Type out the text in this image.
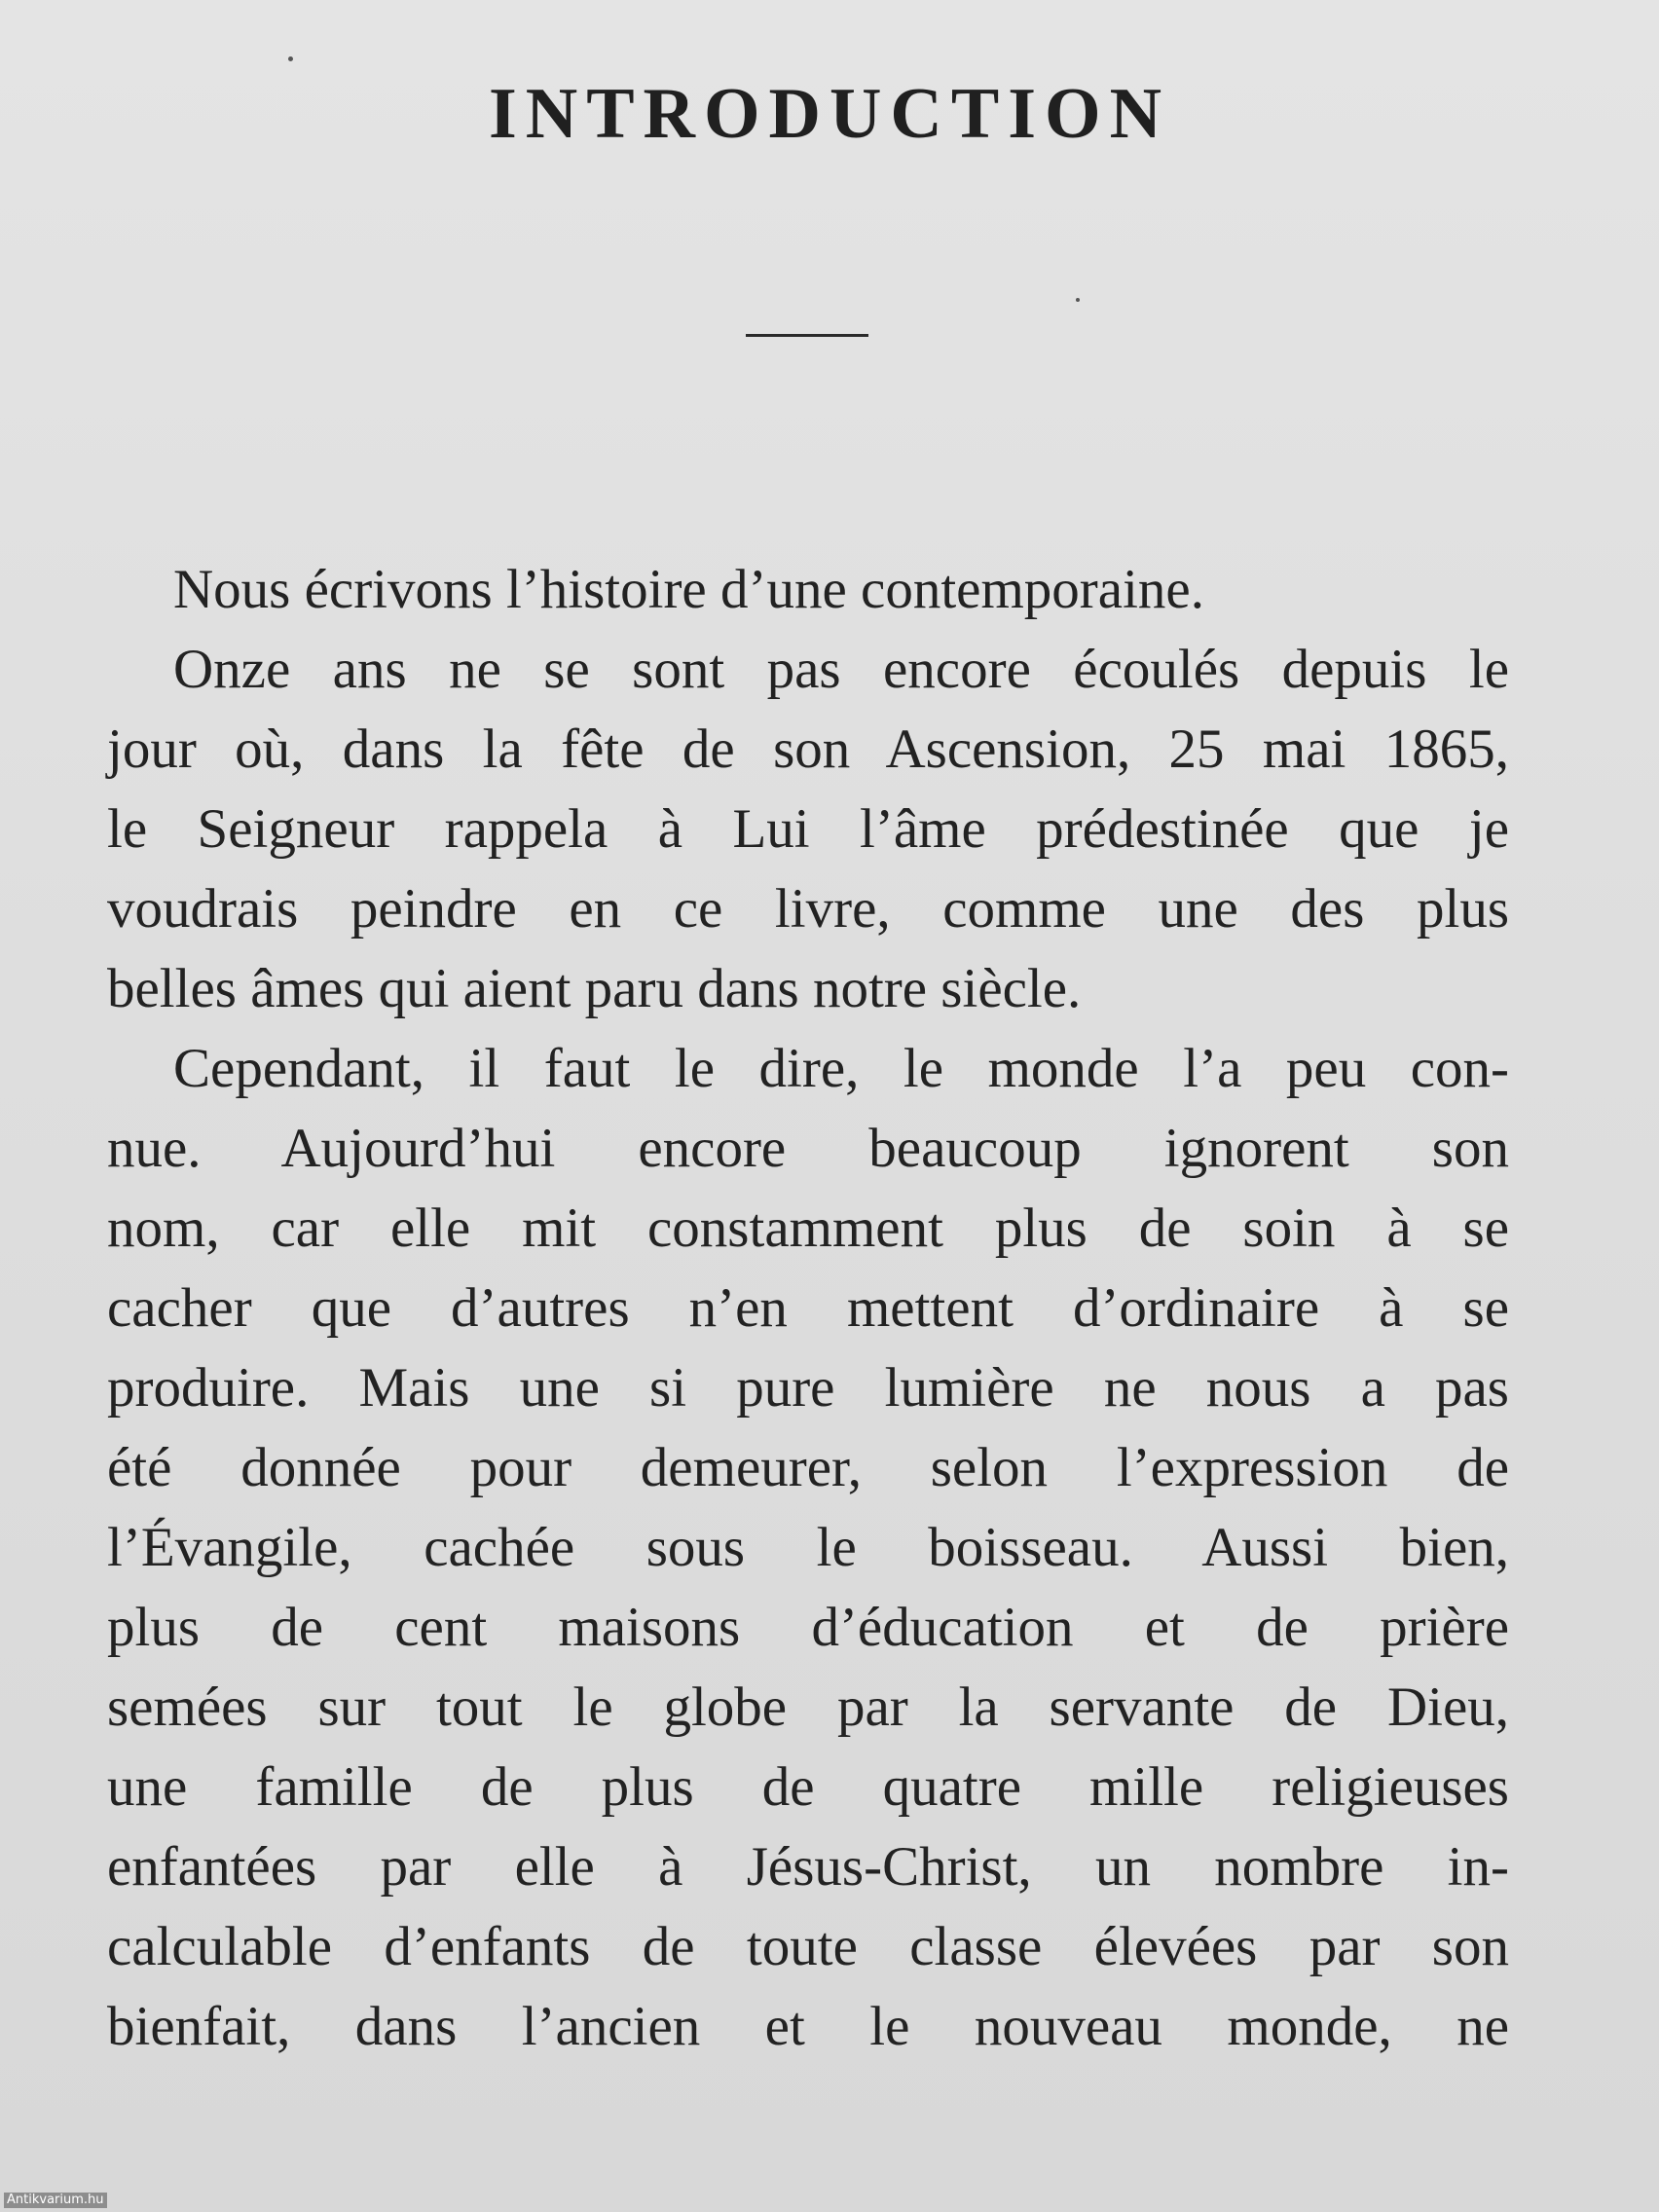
INTRODUCTION
Nous écrivons l’histoire d’une contemporaine.
Onze ans ne se sont pas encore écoulés depuis le
jour où, dans la fête de son Ascension, 25 mai 1865,
le Seigneur rappela à Lui l’âme prédestinée que je
voudrais peindre en ce livre, comme une des plus
belles âmes qui aient paru dans notre siècle.
Cependant, il faut le dire, le monde l’a peu con-
nue. Aujourd’hui encore beaucoup ignorent son
nom, car elle mit constamment plus de soin à se
cacher que d’autres n’en mettent d’ordinaire à se
produire. Mais une si pure lumière ne nous a pas
été donnée pour demeurer, selon l’expression de
l’Évangile, cachée sous le boisseau. Aussi bien,
plus de cent maisons d’éducation et de prière
semées sur tout le globe par la servante de Dieu,
une famille de plus de quatre mille religieuses
enfantées par elle à Jésus-Christ, un nombre in-
calculable d’enfants de toute classe élevées par son
bienfait, dans l’ancien et le nouveau monde, ne
Antikvarium.hu
